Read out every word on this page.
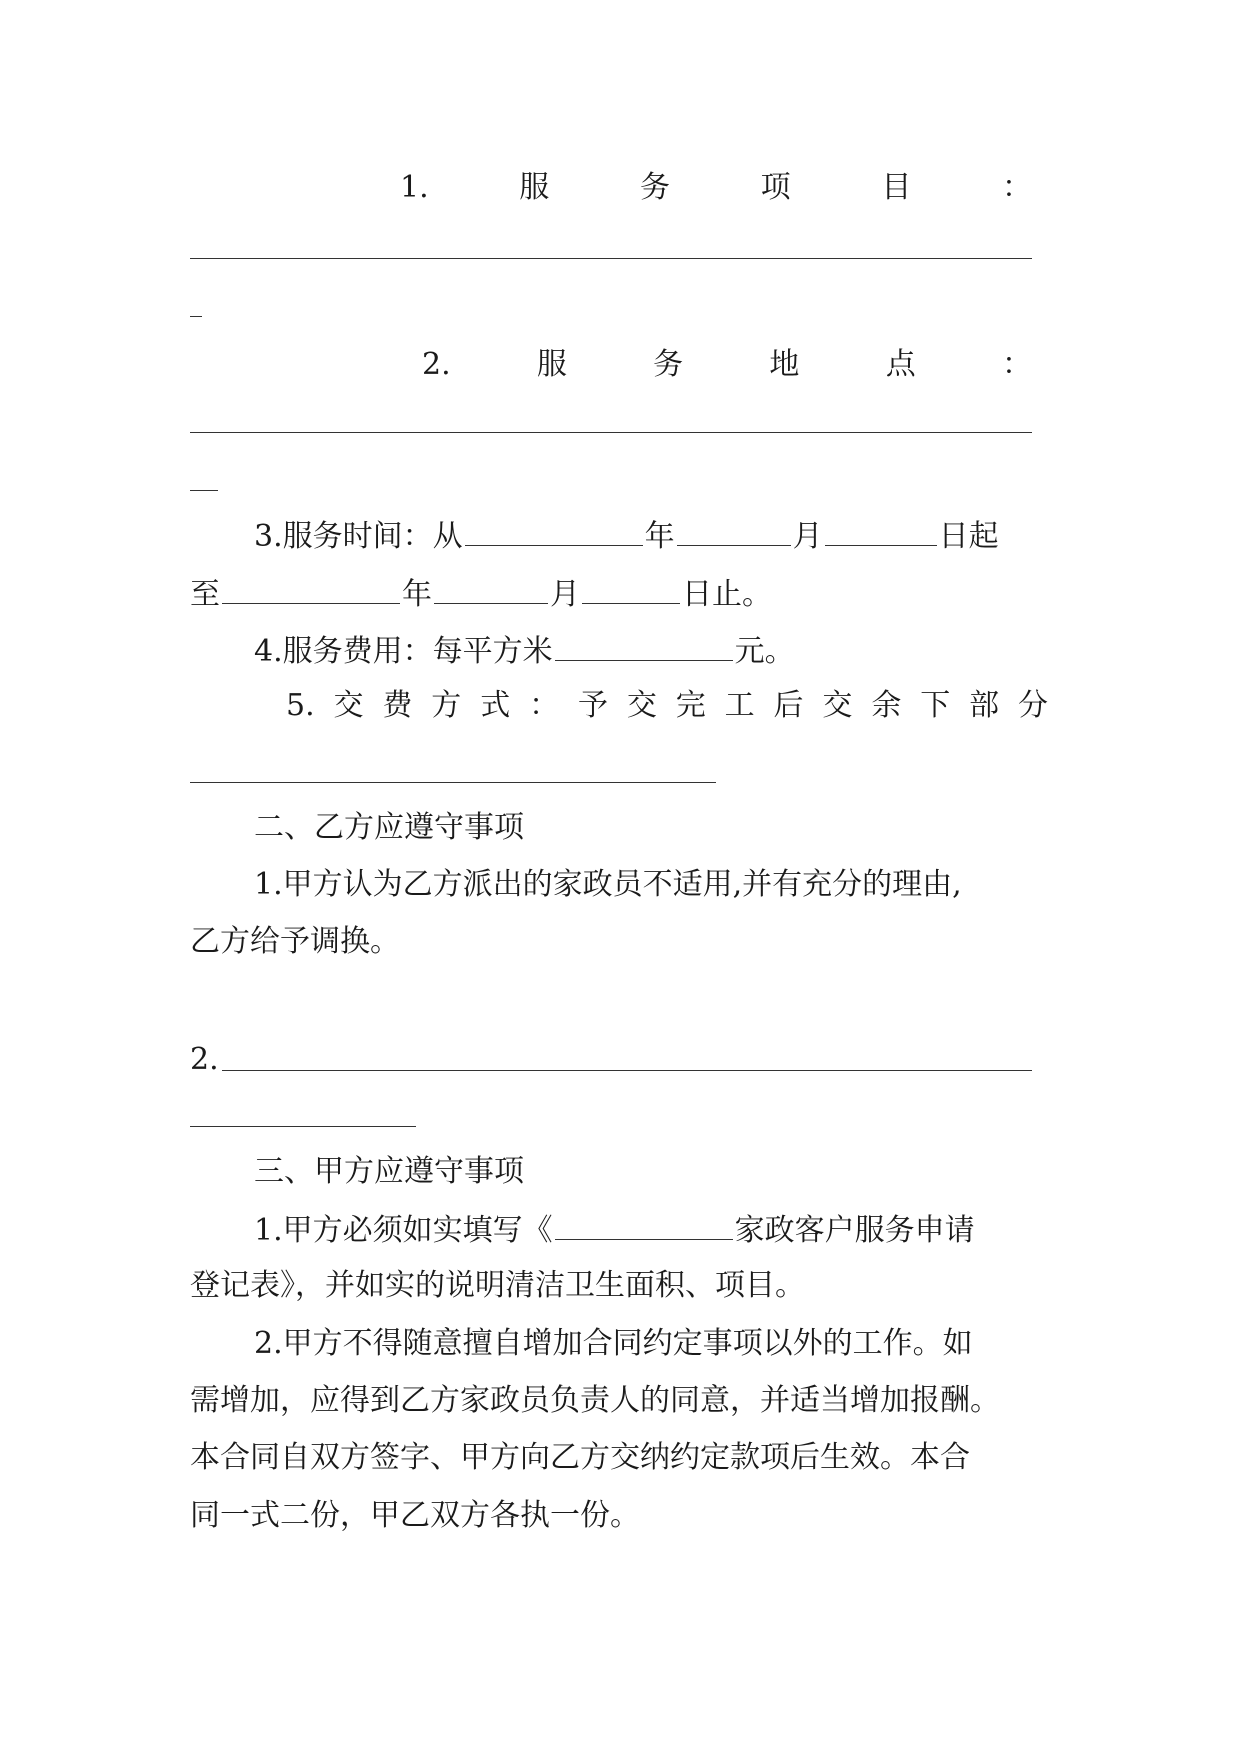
1.	服	务	项	目	：
2.	服	务	地	点	：
3.服务时间：从	年	月	日起
至	年	月	日止。
4.服务费用：每平方米	元。
5. 交 费 方 式 ： 予 交 完 工 后 交 余 下 部 分
二、乙方应遵守事项
1.甲方认为乙方派出的家政员不适用,并有充分的理由,
乙方给予调换。
2.
三、甲方应遵守事项
1.甲方必须如实填写《	家政客户服务申请
登记表》，并如实的说明清洁卫生面积、项目。
2.甲方不得随意擅自增加合同约定事项以外的工作。如
需增加，应得到乙方家政员负责人的同意，并适当增加报酬。
本合同自双方签字、甲方向乙方交纳约定款项后生效。本合
同一式二份，甲乙双方各执一份。
